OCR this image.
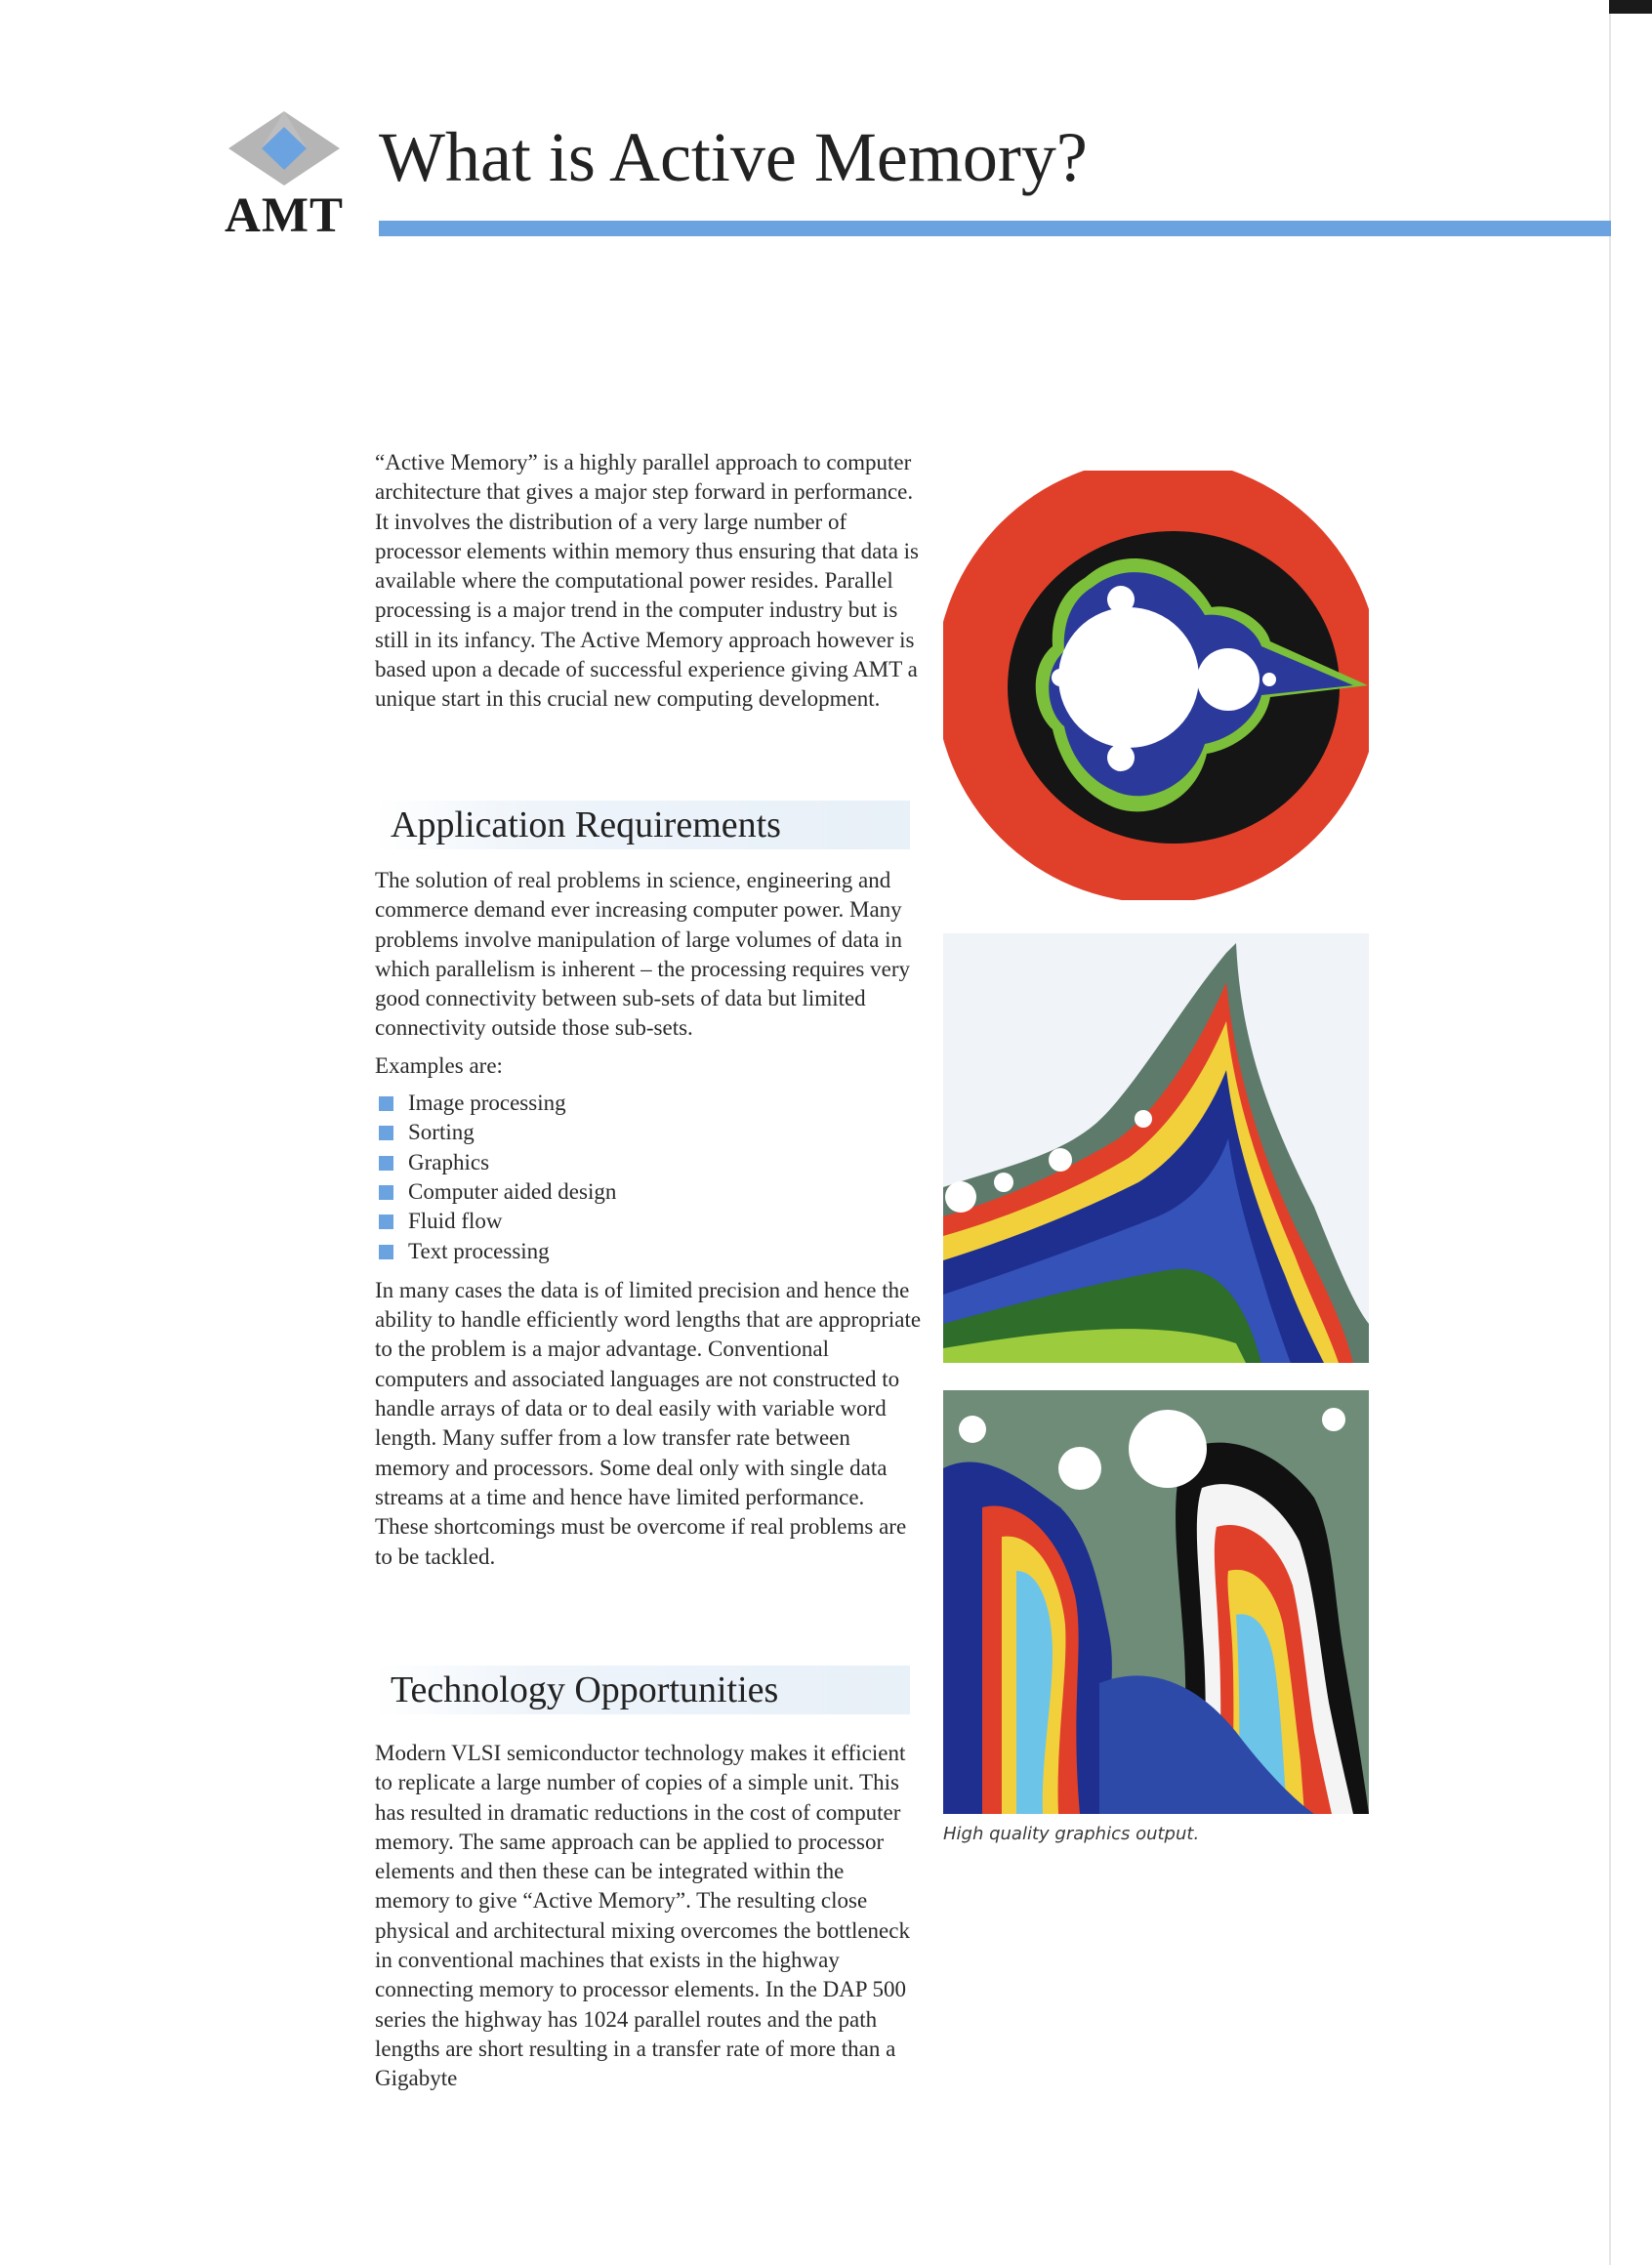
AMT
What is Active Memory?

“Active Memory” is a highly parallel approach to computer architecture that gives a major step forward in performance. It involves the distribution of a very large number of processor elements within memory thus ensuring that data is available where the computational power resides. Parallel processing is a major trend in the computer industry but is still in its infancy. The Active Memory approach however is based upon a decade of successful experience giving AMT a unique start in this crucial new computing development.

Application Requirements

The solution of real problems in science, engineering and commerce demand ever increasing computer power. Many problems involve manipulation of large volumes of data in which parallelism is inherent – the processing requires very good connectivity between sub-sets of data but limited connectivity outside those sub-sets.

Examples are:

Image processing
Sorting
Graphics
Computer aided design
Fluid flow
Text processing

In many cases the data is of limited precision and hence the ability to handle efficiently word lengths that are appropriate to the problem is a major advantage. Conventional computers and associated languages are not constructed to handle arrays of data or to deal easily with variable word length. Many suffer from a low transfer rate between memory and processors. Some deal only with single data streams at a time and hence have limited performance. These shortcomings must be overcome if real problems are to be tackled.

Technology Opportunities

Modern VLSI semiconductor technology makes it efficient to replicate a large number of copies of a simple unit. This has resulted in dramatic reductions in the cost of computer memory. The same approach can be applied to processor elements and then these can be integrated within the memory to give “Active Memory”. The resulting close physical and architectural mixing overcomes the bottleneck in conventional machines that exists in the highway connecting memory to processor elements. In the DAP 500 series the highway has 1024 parallel routes and the path lengths are short resulting in a transfer rate of more than a Gigabyte

High quality graphics output.
